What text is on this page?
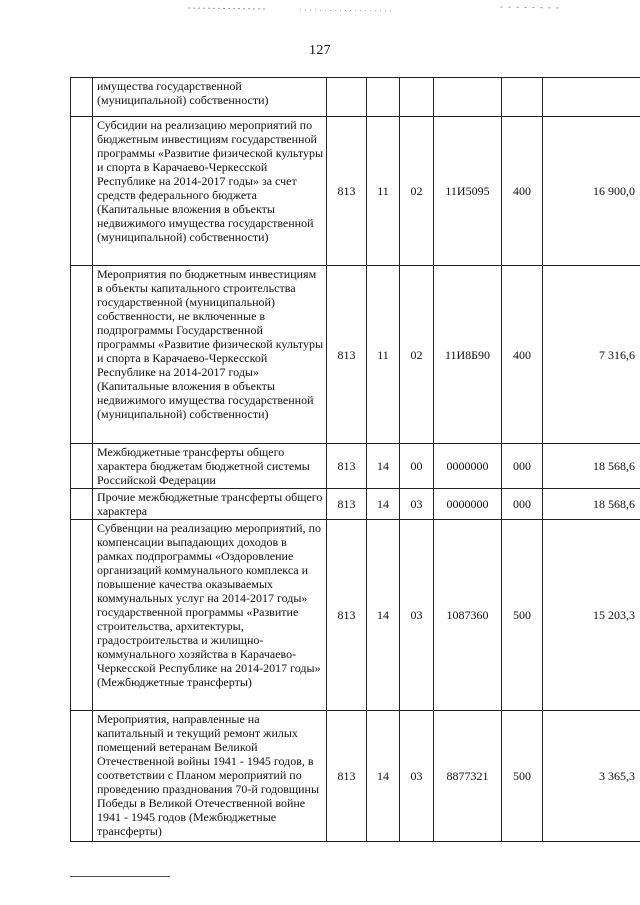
127
	имущества государственной (муниципальной) собственности)						
	Субсидии на реализацию мероприятий по бюджетным инвестициям государственной программы «Развитие физической культуры и спорта в Карачаево-Черкесской Республике на 2014-2017 годы» за счет средств федерального бюджета (Капитальные вложения в объекты недвижимого имущества государственной (муниципальной) собственности)	813	11	02	11И5095	400	16 900,0
	Мероприятия по бюджетным инвестициям в объекты капитального строительства государственной (муниципальной) собственности, не включенные в подпрограммы Государственной программы «Развитие физической культуры и спорта в Карачаево-Черкесской Республике на 2014-2017 годы» (Капитальные вложения в объекты недвижимого имущества государственной (муниципальной) собственности)	813	11	02	11И8Б90	400	7 316,6
	Межбюджетные трансферты общего характера бюджетам бюджетной системы Российской Федерации	813	14	00	0000000	000	18 568,6
	Прочие межбюджетные трансферты общего характера	813	14	03	0000000	000	18 568,6
	Субвенции на реализацию мероприятий, по компенсации выпадающих доходов в рамках подпрограммы «Оздоровление организаций коммунального комплекса и повышение качества оказываемых коммунальных услуг на 2014-2017 годы» государственной программы «Развитие строительства, архитектуры, градостроительства и жилищно-коммунального хозяйства в Карачаево-Черкесской Республике на 2014-2017 годы» (Межбюджетные трансферты)	813	14	03	1087360	500	15 203,3
	Мероприятия, направленные на капитальный и текущий ремонт жилых помещений ветеранам Великой Отечественной войны 1941 - 1945 годов, в соответствии с Планом мероприятий по проведению празднования 70-й годовщины Победы в Великой Отечественной войне 1941 - 1945 годов (Межбюджетные трансферты)	813	14	03	8877321	500	3 365,3
